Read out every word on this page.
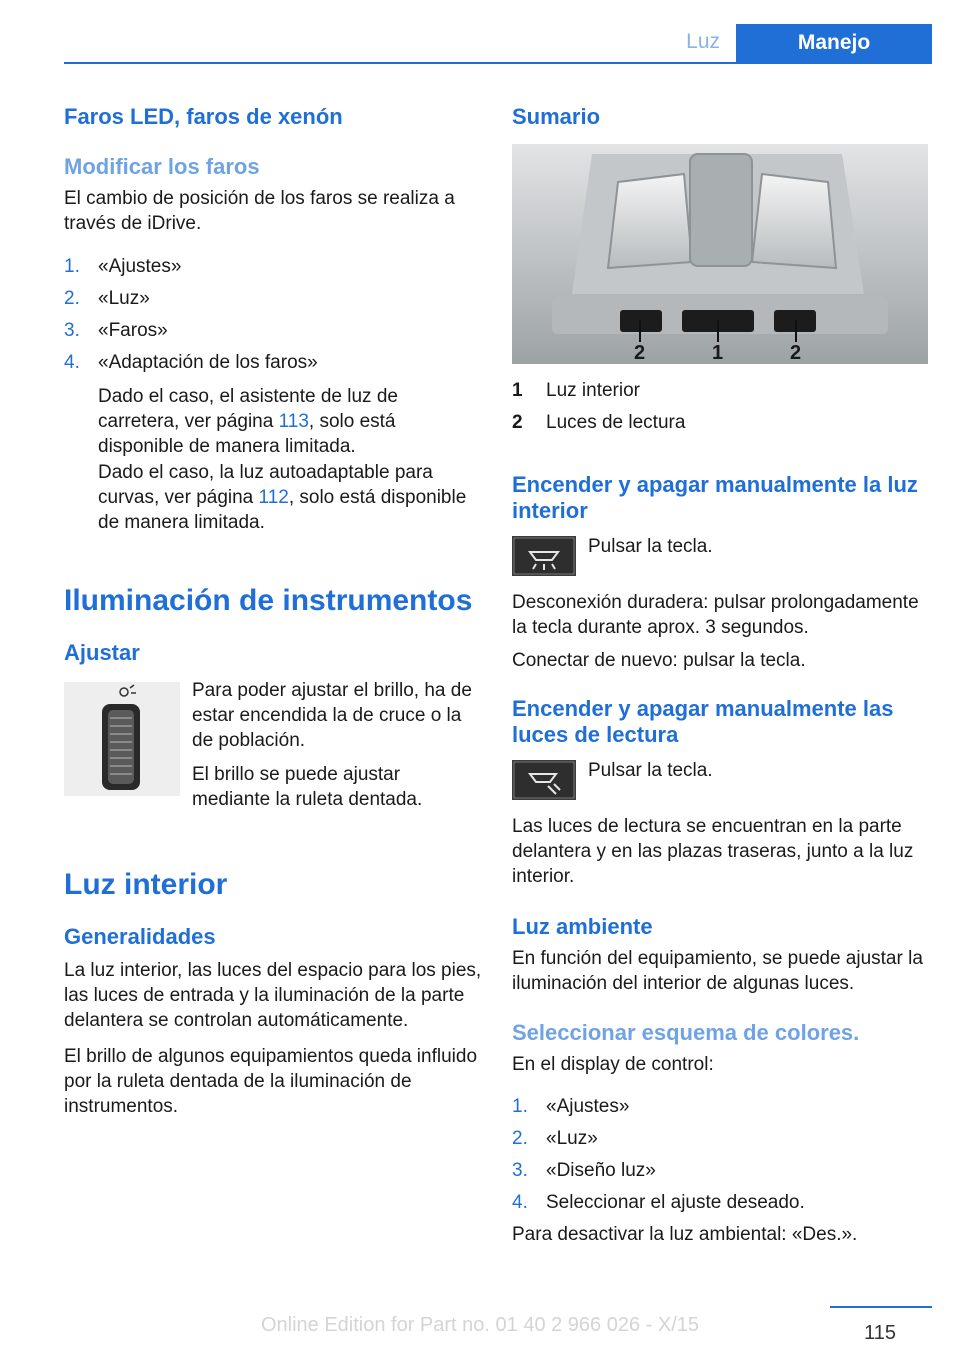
Luz	Manejo
Faros LED, faros de xenón
Modificar los faros

El cambio de posición de los faros se realiza a través de iDrive.

1. «Ajustes»
2. «Luz»
3. «Faros»
4. «Adaptación de los faros»

Dado el caso, el asistente de luz de carretera, ver página 113, solo está disponible de manera limitada.

Dado el caso, la luz autoadaptable para curvas, ver página 112, solo está disponible de manera limitada.

Iluminación de instrumentos
Ajustar

Para poder ajustar el brillo, ha de estar encendida la de cruce o la de población.

El brillo se puede ajustar mediante la ruleta dentada.

Luz interior
Generalidades

La luz interior, las luces del espacio para los pies, las luces de entrada y la iluminación de la parte delantera se controlan automáticamente.

El brillo de algunos equipamientos queda influido por la ruleta dentada de la iluminación de instrumentos.

Sumario
2	1	2
1 Luz interior
2 Luces de lectura
Encender y apagar manualmente la luz interior

Pulsar la tecla.

Desconexión duradera: pulsar prolongadamente la tecla durante aprox. 3 segundos.

Conectar de nuevo: pulsar la tecla.

Encender y apagar manualmente las luces de lectura

Pulsar la tecla.

Las luces de lectura se encuentran en la parte delantera y en las plazas traseras, junto a la luz interior.

Luz ambiente

En función del equipamiento, se puede ajustar la iluminación del interior de algunas luces.

Seleccionar esquema de colores.

En el display de control:

1. «Ajustes»
2. «Luz»
3. «Diseño luz»
4. Seleccionar el ajuste deseado.

Para desactivar la luz ambiental: «Des.».

Online Edition for Part no. 01 40 2 966 026 - X/15	115
